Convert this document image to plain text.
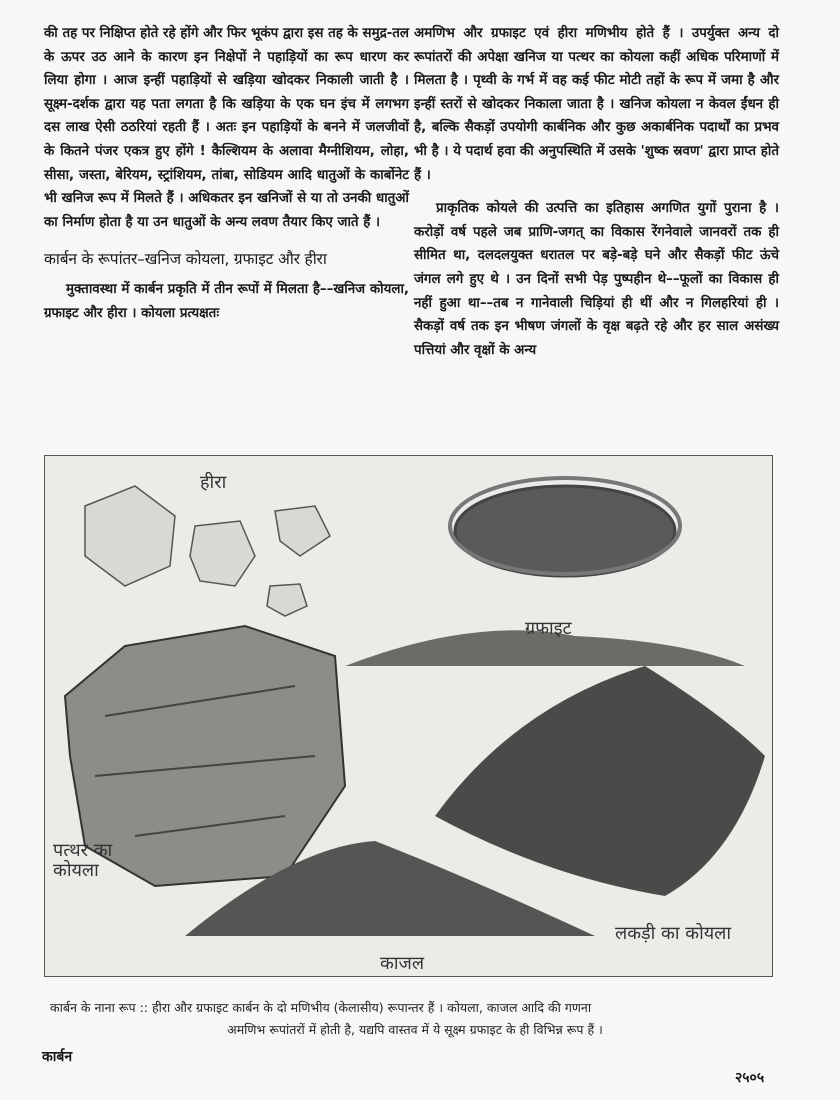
की तह पर निक्षिप्त होते रहे होंगे और फिर भूकंप द्वारा इस तह के समुद्र-तल के ऊपर उठ आने के कारण इन निक्षेपों ने पहाड़ियों का रूप धारण कर लिया होगा । आज इन्हीं पहाड़ियों से खड़िया खोदकर निकाली जाती है । सूक्ष्म-दर्शक द्वारा यह पता लगता है कि खड़िया के एक घन इंच में लगभग दस लाख ऐसी ठठरियां रहती हैं । अतः इन पहाड़ियों के बनने में जलजीवों के कितने पंजर एकत्र हुए होंगे ! कैल्शियम के अलावा मैग्नीशियम, लोहा, सीसा, जस्ता, बेरियम, स्ट्रांशियम, तांबा, सोडियम आदि धातुओं के कार्बोनेट भी खनिज रूप में मिलते हैं । अधिकतर इन खनिजों से या तो उनकी धातुओं का निर्माण होता है या उन धातुओं के अन्य लवण तैयार किए जाते हैं ।

कार्बन के रूपांतर–खनिज कोयला, ग्रफाइट और हीरा

मुक्तावस्था में कार्बन प्रकृति में तीन रूपों में मिलता है––खनिज कोयला, ग्रफाइट और हीरा । कोयला प्रत्यक्षतः

अमणिभ और ग्रफाइट एवं हीरा मणिभीय होते हैं । उपर्युक्त अन्य दो रूपांतरों की अपेक्षा खनिज या पत्थर का कोयला कहीं अधिक परिमाणों में मिलता है । पृथ्वी के गर्भ में वह कई फीट मोटी तहों के रूप में जमा है और इन्हीं स्तरों से खोदकर निकाला जाता है । खनिज कोयला न केवल ईंधन ही है, बल्कि सैकड़ों उपयोगी कार्बनिक और कुछ अकार्बनिक पदार्थों का प्रभव भी है । ये पदार्थ हवा की अनुपस्थिति में उसके 'शुष्क स्रवण' द्वारा प्राप्त होते हैं ।

प्राकृतिक कोयले की उत्पत्ति का इतिहास अगणित युगों पुराना है । करोड़ों वर्ष पहले जब प्राणि-जगत् का विकास रेंगनेवाले जानवरों तक ही सीमित था, दलदलयुक्त धरातल पर बड़े-बड़े घने और सैकड़ों फीट ऊंचे जंगल लगे हुए थे । उन दिनों सभी पेड़ पुष्पहीन थे––फूलों का विकास ही नहीं हुआ था––तब न गानेवाली चिड़ियां ही थीं और न गिलहरियां ही । सैकड़ों वर्ष तक इन भीषण जंगलों के वृक्ष बढ़ते रहे और हर साल असंख्य पत्तियां और वृक्षों के अन्य

हीरा
ग्रफाइट
पत्थर का कोयला
लकड़ी का कोयला
काजल
कार्बन के नाना रूप :: हीरा और ग्रफाइट कार्बन के दो मणिभीय (केलासीय) रूपान्तर हैं । कोयला, काजल आदि की गणना
अमणिभ रूपांतरों में होती है, यद्यपि वास्तव में ये सूक्ष्म ग्रफाइट के ही विभिन्न रूप हैं ।
कार्बन
२५०५
